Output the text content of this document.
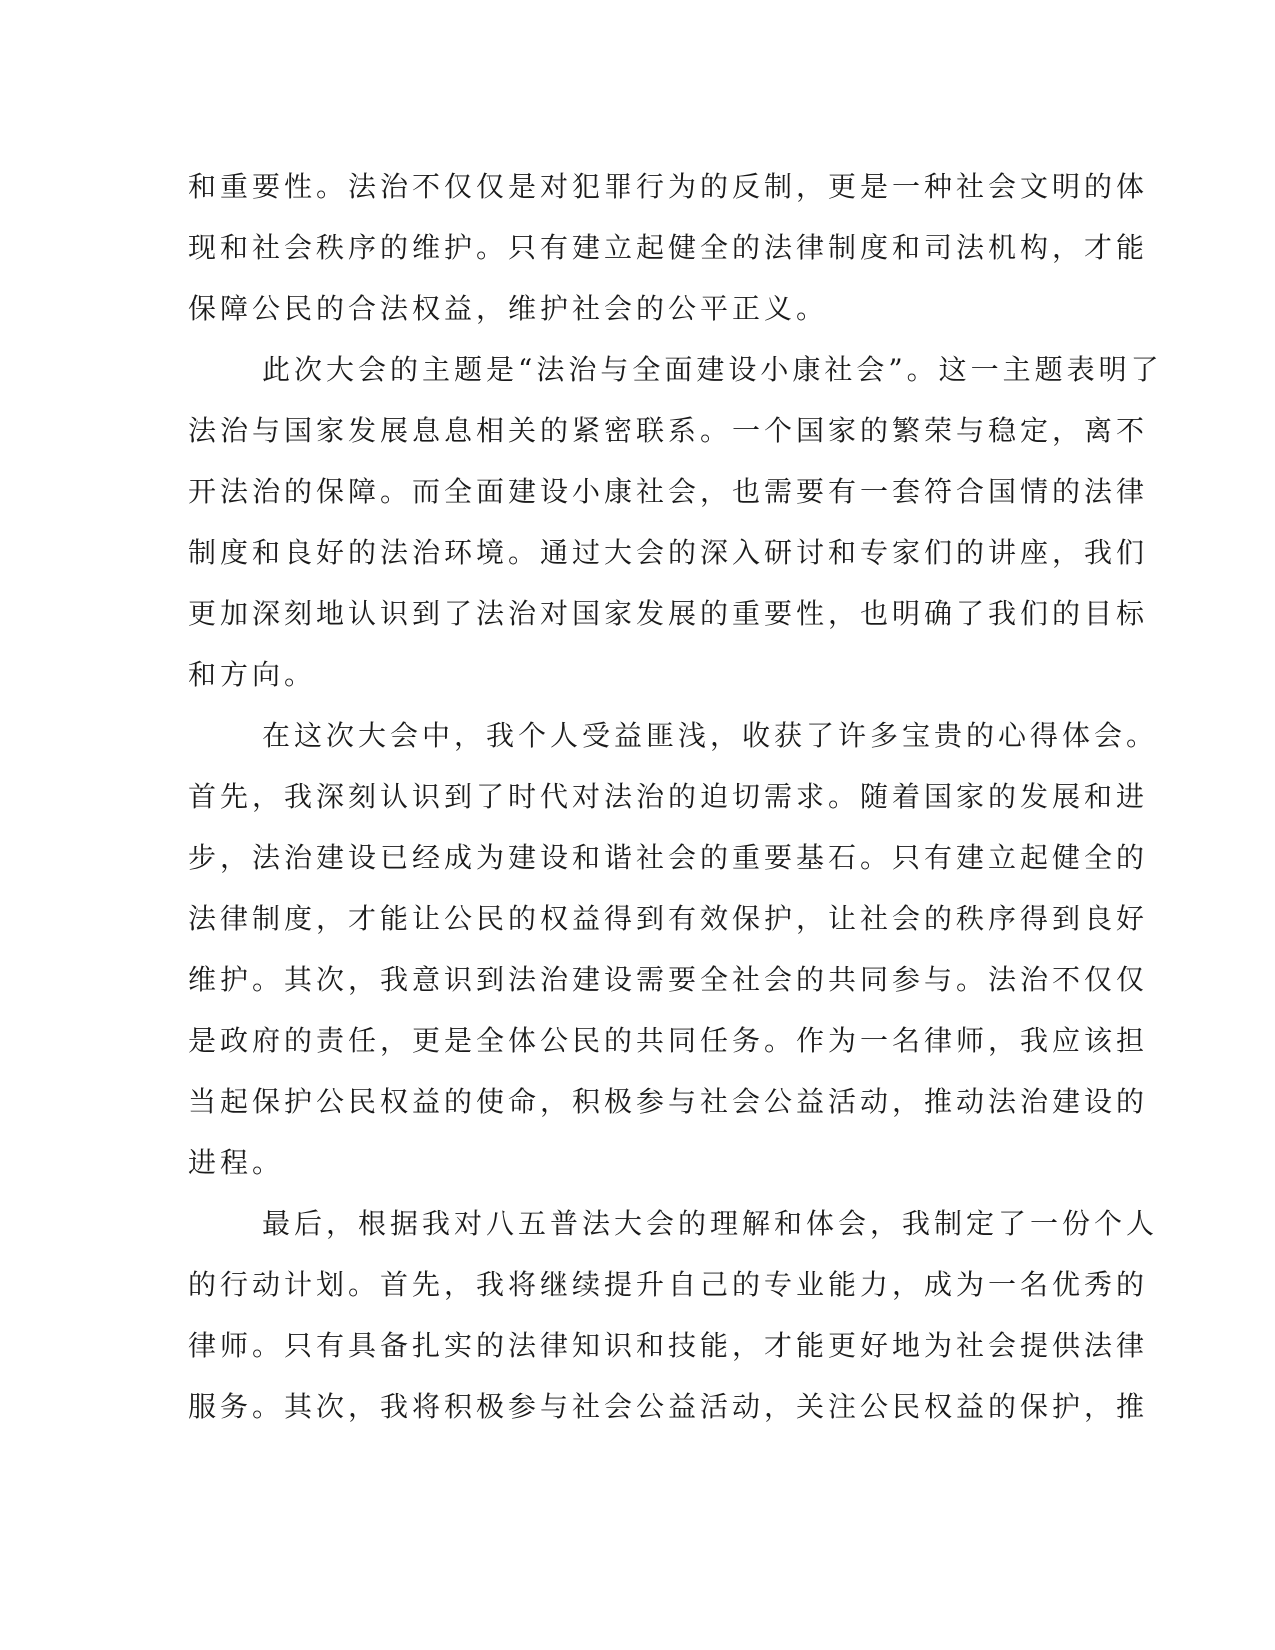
和重要性。法治不仅仅是对犯罪行为的反制，更是一种社会文明的体
现和社会秩序的维护。只有建立起健全的法律制度和司法机构，才能
保障公民的合法权益，维护社会的公平正义。
此次大会的主题是“法治与全面建设小康社会”。这一主题表明了
法治与国家发展息息相关的紧密联系。一个国家的繁荣与稳定，离不
开法治的保障。而全面建设小康社会，也需要有一套符合国情的法律
制度和良好的法治环境。通过大会的深入研讨和专家们的讲座，我们
更加深刻地认识到了法治对国家发展的重要性，也明确了我们的目标
和方向。
在这次大会中，我个人受益匪浅，收获了许多宝贵的心得体会。
首先，我深刻认识到了时代对法治的迫切需求。随着国家的发展和进
步，法治建设已经成为建设和谐社会的重要基石。只有建立起健全的
法律制度，才能让公民的权益得到有效保护，让社会的秩序得到良好
维护。其次，我意识到法治建设需要全社会的共同参与。法治不仅仅
是政府的责任，更是全体公民的共同任务。作为一名律师，我应该担
当起保护公民权益的使命，积极参与社会公益活动，推动法治建设的
进程。
最后，根据我对八五普法大会的理解和体会，我制定了一份个人
的行动计划。首先，我将继续提升自己的专业能力，成为一名优秀的
律师。只有具备扎实的法律知识和技能，才能更好地为社会提供法律
服务。其次，我将积极参与社会公益活动，关注公民权益的保护，推
